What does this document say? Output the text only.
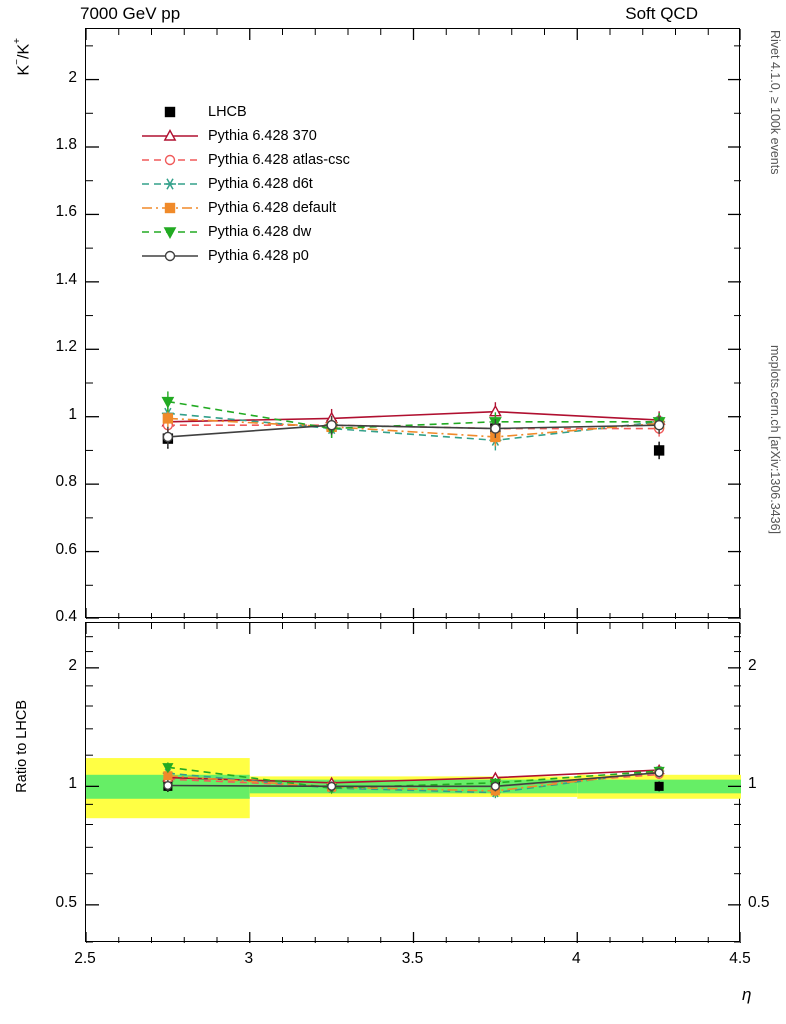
7000 GeV pp	Soft QCD
Rivet 4.1.0, ≥ 100k events
mcplots.cern.ch [arXiv:1306.3436]
K−/K+
Ratio to LHCB
η
0.4
0.6
0.8
1
1.2
1.4
1.6
1.8
2
0.5	0.5
1	1
2	2
2.5	3	3.5	4	4.5
LHCB
Pythia 6.428 370
Pythia 6.428 atlas-csc
Pythia 6.428 d6t
Pythia 6.428 default
Pythia 6.428 dw
Pythia 6.428 p0
